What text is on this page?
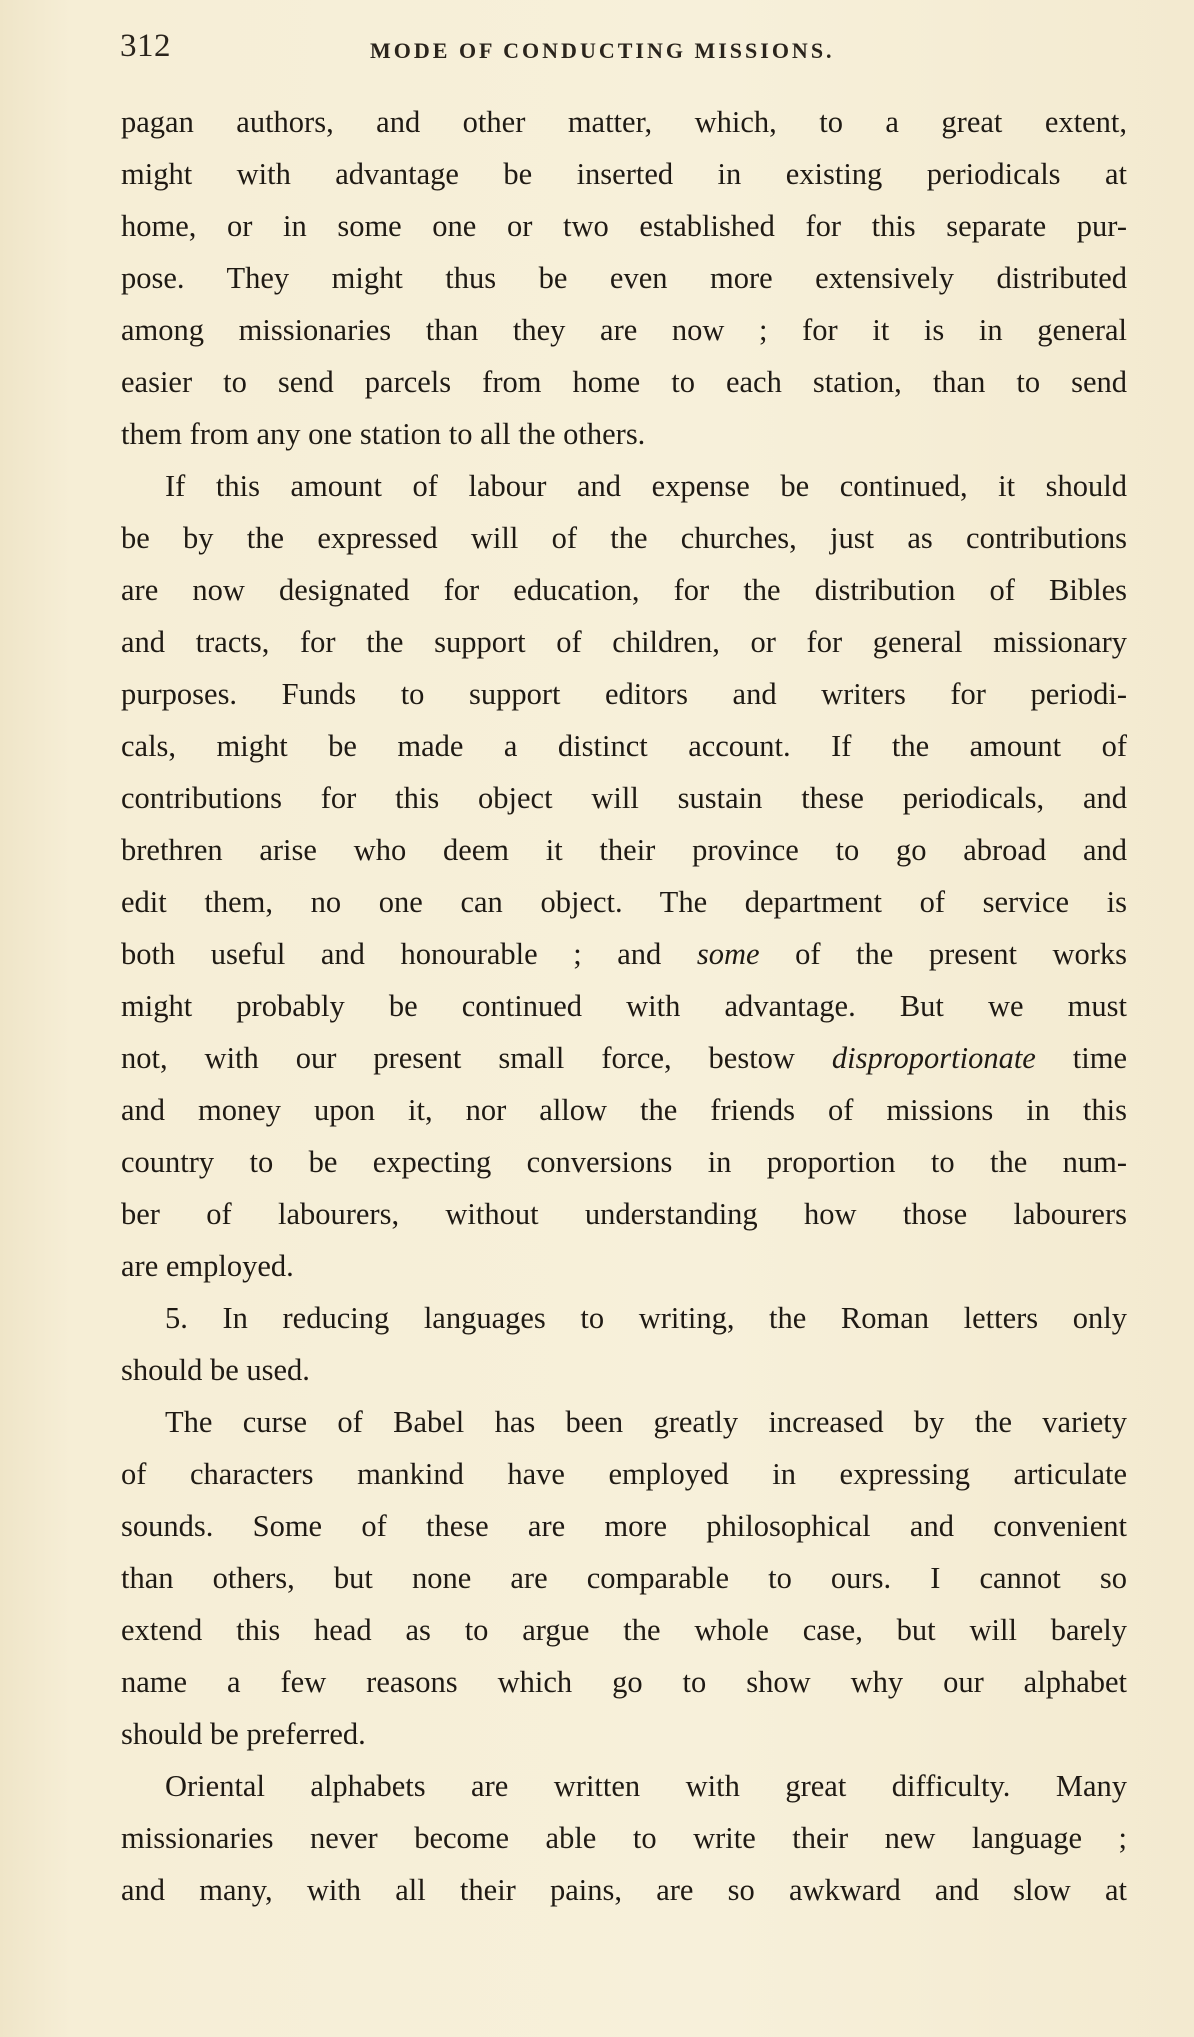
312	MODE OF CONDUCTING MISSIONS.
pagan authors, and other matter, which, to a great extent,
might with advantage be inserted in existing periodicals at
home, or in some one or two established for this separate pur-
pose. They might thus be even more extensively distributed
among missionaries than they are now ; for it is in general
easier to send parcels from home to each station, than to send
them from any one station to all the others.
If this amount of labour and expense be continued, it should
be by the expressed will of the churches, just as contributions
are now designated for education, for the distribution of Bibles
and tracts, for the support of children, or for general missionary
purposes. Funds to support editors and writers for periodi-
cals, might be made a distinct account. If the amount of
contributions for this object will sustain these periodicals, and
brethren arise who deem it their province to go abroad and
edit them, no one can object. The department of service is
both useful and honourable ; and some of the present works
might probably be continued with advantage. But we must
not, with our present small force, bestow disproportionate time
and money upon it, nor allow the friends of missions in this
country to be expecting conversions in proportion to the num-
ber of labourers, without understanding how those labourers
are employed.
5. In reducing languages to writing, the Roman letters only
should be used.
The curse of Babel has been greatly increased by the variety
of characters mankind have employed in expressing articulate
sounds. Some of these are more philosophical and convenient
than others, but none are comparable to ours. I cannot so
extend this head as to argue the whole case, but will barely
name a few reasons which go to show why our alphabet
should be preferred.
Oriental alphabets are written with great difficulty. Many
missionaries never become able to write their new language ;
and many, with all their pains, are so awkward and slow at
